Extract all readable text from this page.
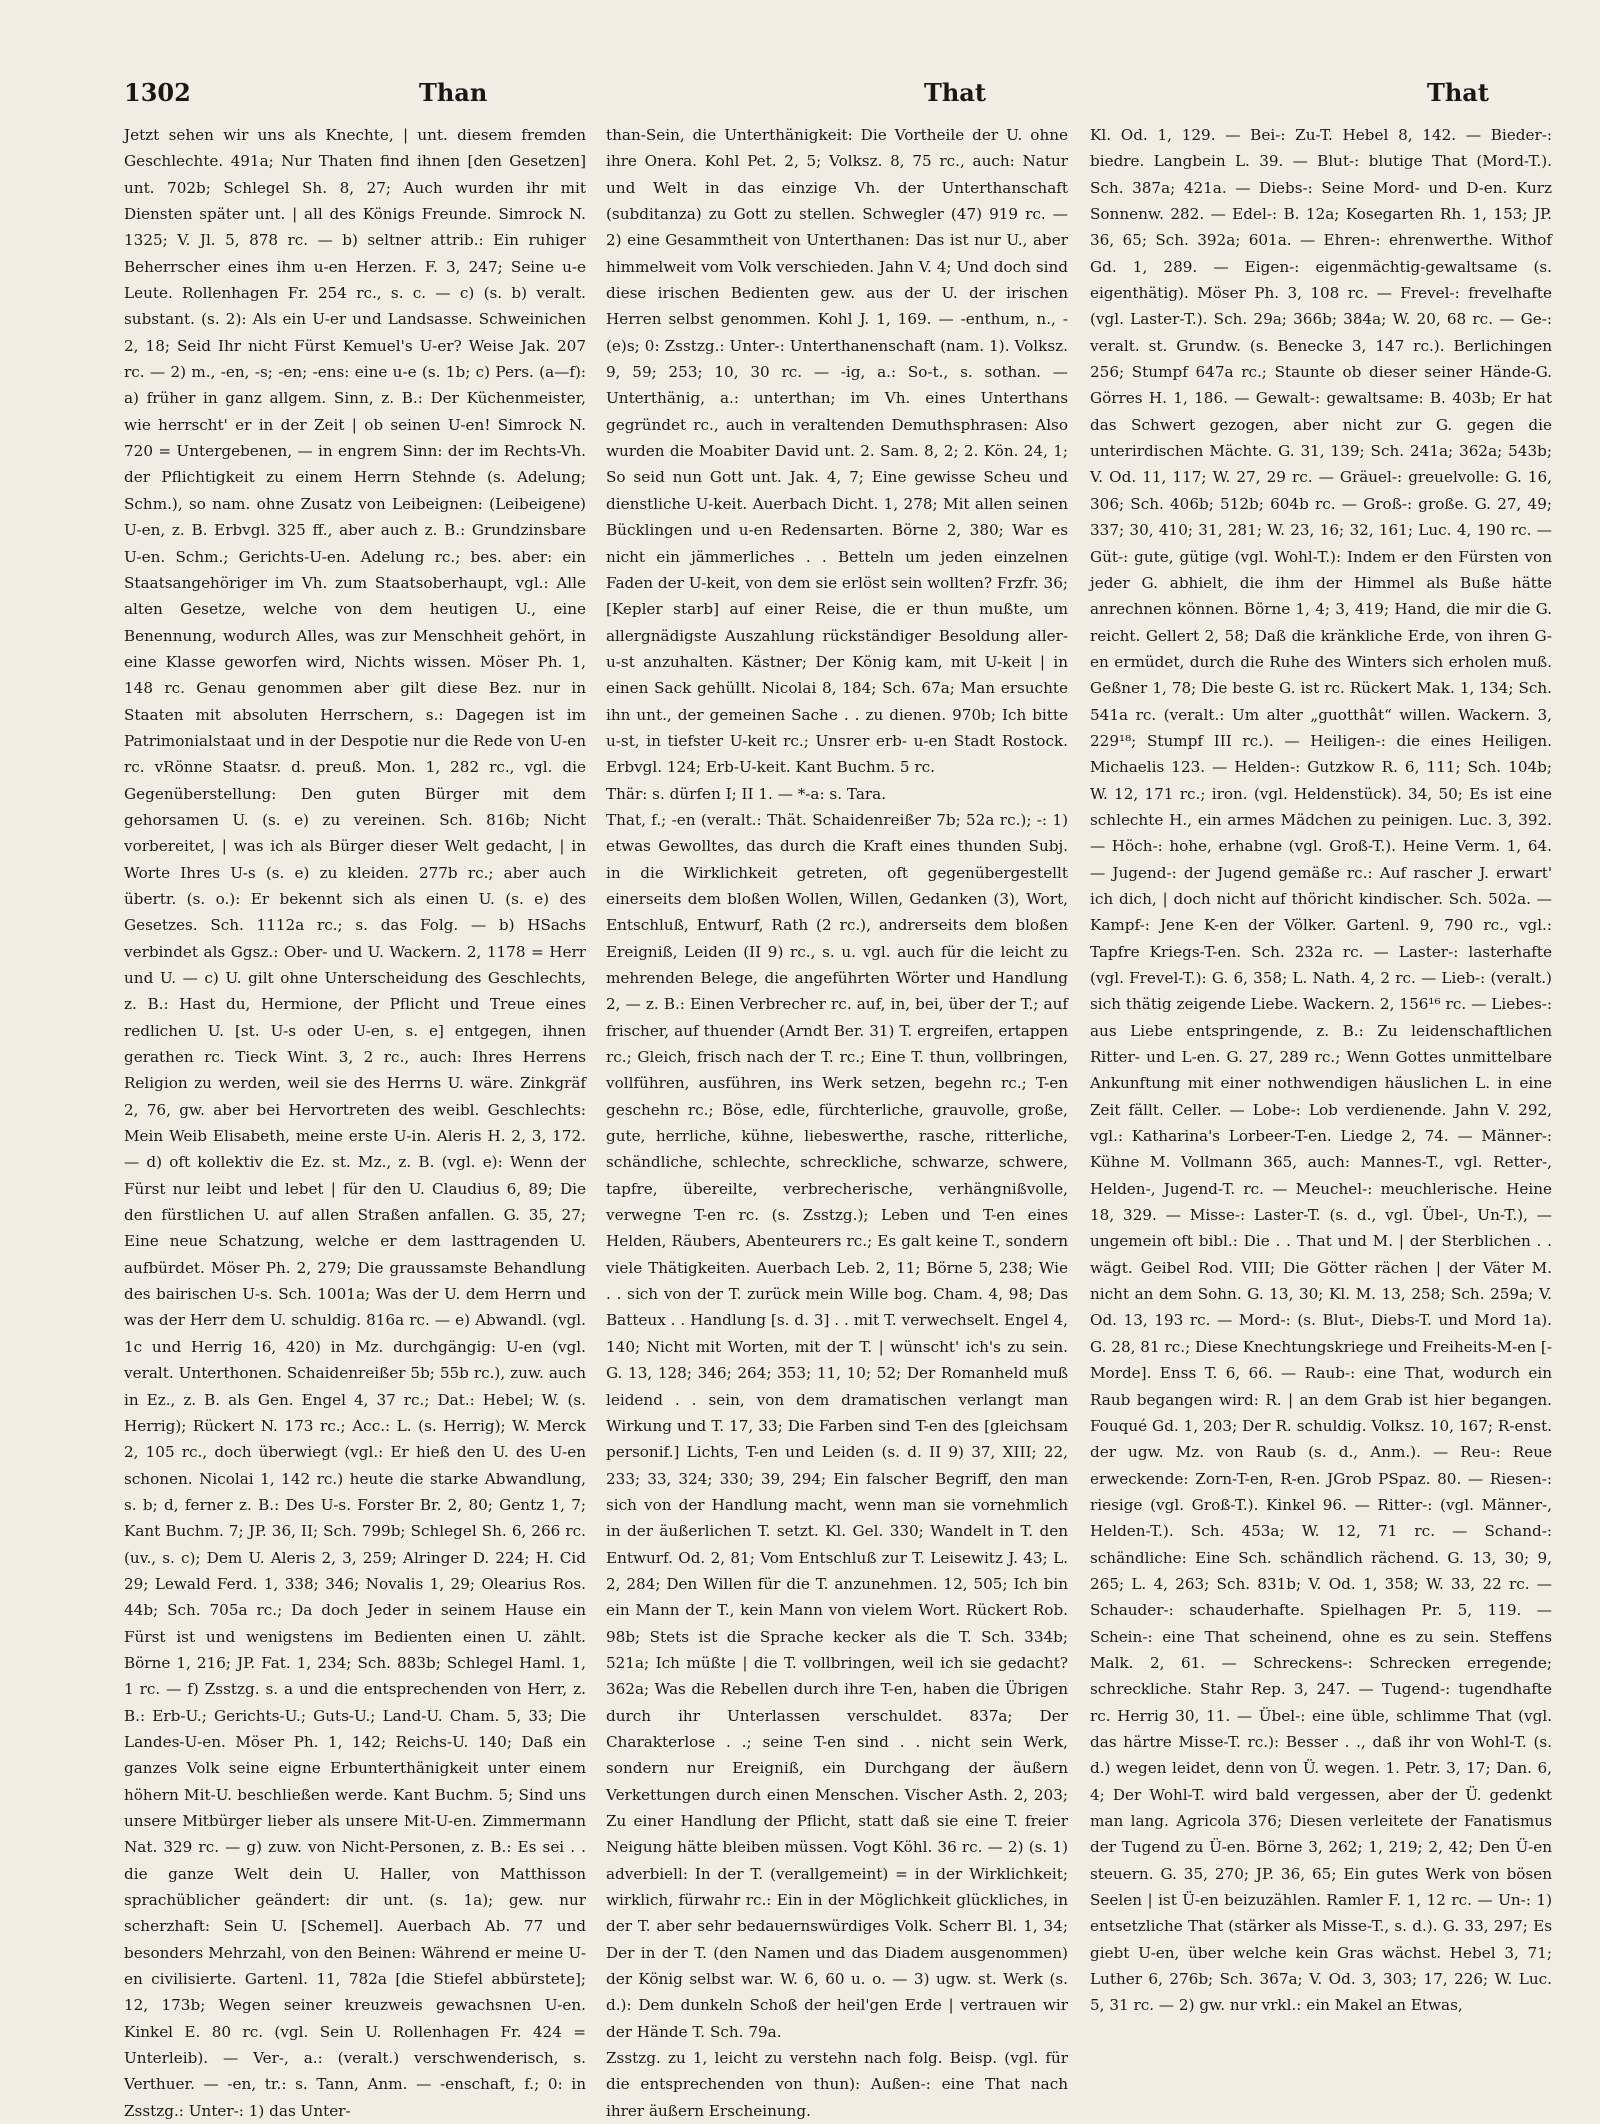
1302	Than	That	That

Jetzt sehen wir uns als Knechte, | unt. diesem fremden Geschlechte. 491a; Nur Thaten find ihnen [den Gesetzen] unt. 702b; Schlegel Sh. 8, 27; Auch wurden ihr mit Diensten später unt. | all des Königs Freunde. Simrock N. 1325; V. Jl. 5, 878 rc. — b) seltner attrib.: Ein ruhiger Beherrscher eines ihm u-en Herzen. F. 3, 247; Seine u-e Leute. Rollenhagen Fr. 254 rc., s. c. — c) (s. b) veralt. substant. (s. 2): Als ein U-er und Landsasse. Schweinichen 2, 18; Seid Ihr nicht Fürst Kemuel's U-er? Weise Jak. 207 rc. — 2) m., -en, -s; -en; -ens: eine u-e (s. 1b; c) Pers. (a—f): a) früher in ganz allgem. Sinn, z. B.: Der Küchenmeister, wie herrscht' er in der Zeit | ob seinen U-en! Simrock N. 720 = Untergebenen, — in engrem Sinn: der im Rechts-Vh. der Pflichtigkeit zu einem Herrn Stehnde (s. Adelung; Schm.), so nam. ohne Zusatz von Leibeignen: (Leibeigene) U-en, z. B. Erbvgl. 325 ff., aber auch z. B.: Grundzinsbare U-en. Schm.; Gerichts-U-en. Adelung rc.; bes. aber: ein Staatsangehöriger im Vh. zum Staatsoberhaupt, vgl.: Alle alten Gesetze, welche von dem heutigen U., eine Benennung, wodurch Alles, was zur Menschheit gehört, in eine Klasse geworfen wird, Nichts wissen. Möser Ph. 1, 148 rc. Genau genommen aber gilt diese Bez. nur in Staaten mit absoluten Herrschern, s.: Dagegen ist im Patrimonialstaat und in der Despotie nur die Rede von U-en rc. vRönne Staatsr. d. preuß. Mon. 1, 282 rc., vgl. die Gegenüberstellung: Den guten Bürger mit dem gehorsamen U. (s. e) zu vereinen. Sch. 816b; Nicht vorbereitet, | was ich als Bürger dieser Welt gedacht, | in Worte Ihres U-s (s. e) zu kleiden. 277b rc.; aber auch übertr. (s. o.): Er bekennt sich als einen U. (s. e) des Gesetzes. Sch. 1112a rc.; s. das Folg. — b) HSachs verbindet als Ggsz.: Ober- und U. Wackern. 2, 1178 = Herr und U. — c) U. gilt ohne Unterscheidung des Geschlechts, z. B.: Hast du, Hermione, der Pflicht und Treue eines redlichen U. [st. U-s oder U-en, s. e] entgegen, ihnen gerathen rc. Tieck Wint. 3, 2 rc., auch: Ihres Herrens Religion zu werden, weil sie des Herrns U. wäre. Zinkgräf 2, 76, gw. aber bei Hervortreten des weibl. Geschlechts: Mein Weib Elisabeth, meine erste U-in. Aleris H. 2, 3, 172. — d) oft kollektiv die Ez. st. Mz., z. B. (vgl. e): Wenn der Fürst nur leibt und lebet | für den U. Claudius 6, 89; Die den fürstlichen U. auf allen Straßen anfallen. G. 35, 27; Eine neue Schatzung, welche er dem lasttragenden U. aufbürdet. Möser Ph. 2, 279; Die graussamste Behandlung des bairischen U-s. Sch. 1001a; Was der U. dem Herrn und was der Herr dem U. schuldig. 816a rc. — e) Abwandl. (vgl. 1c und Herrig 16, 420) in Mz. durchgängig: U-en (vgl. veralt. Unterthonen. Schaidenreißer 5b; 55b rc.), zuw. auch in Ez., z. B. als Gen. Engel 4, 37 rc.; Dat.: Hebel; W. (s. Herrig); Rückert N. 173 rc.; Acc.: L. (s. Herrig); W. Merck 2, 105 rc., doch überwiegt (vgl.: Er hieß den U. des U-en schonen. Nicolai 1, 142 rc.) heute die starke Abwandlung, s. b; d, ferner z. B.: Des U-s. Forster Br. 2, 80; Gentz 1, 7; Kant Buchm. 7; JP. 36, II; Sch. 799b; Schlegel Sh. 6, 266 rc. (uv., s. c); Dem U. Aleris 2, 3, 259; Alringer D. 224; H. Cid 29; Lewald Ferd. 1, 338; 346; Novalis 1, 29; Olearius Ros. 44b; Sch. 705a rc.; Da doch Jeder in seinem Hause ein Fürst ist und wenigstens im Bedienten einen U. zählt. Börne 1, 216; JP. Fat. 1, 234; Sch. 883b; Schlegel Haml. 1, 1 rc. — f) Zsstzg. s. a und die entsprechenden von Herr, z. B.: Erb-U.; Gerichts-U.; Guts-U.; Land-U. Cham. 5, 33; Die Landes-U-en. Möser Ph. 1, 142; Reichs-U. 140; Daß ein ganzes Volk seine eigne Erbunterthänigkeit unter einem höhern Mit-U. beschließen werde. Kant Buchm. 5; Sind uns unsere Mitbürger lieber als unsere Mit-U-en. Zimmermann Nat. 329 rc. — g) zuw. von Nicht-Personen, z. B.: Es sei . . die ganze Welt dein U. Haller, von Matthisson sprachüblicher geändert: dir unt. (s. 1a); gew. nur scherzhaft: Sein U. [Schemel]. Auerbach Ab. 77 und besonders Mehrzahl, von den Beinen: Während er meine U-en civilisierte. Gartenl. 11, 782a [die Stiefel abbürstete]; 12, 173b; Wegen seiner kreuzweis gewachsnen U-en. Kinkel E. 80 rc. (vgl. Sein U. Rollenhagen Fr. 424 = Unterleib). — Ver-, a.: (veralt.) verschwenderisch, s. Verthuer. — -en, tr.: s. Tann, Anm. — -enschaft, f.; 0: in Zsstzg.: Unter-: 1) das Unter-

than-Sein, die Unterthänigkeit: Die Vortheile der U. ohne ihre Onera. Kohl Pet. 2, 5; Volksz. 8, 75 rc., auch: Natur und Welt in das einzige Vh. der Unterthanschaft (subditanza) zu Gott zu stellen. Schwegler (47) 919 rc. — 2) eine Gesammtheit von Unterthanen: Das ist nur U., aber himmelweit vom Volk verschieden. Jahn V. 4; Und doch sind diese irischen Bedienten gew. aus der U. der irischen Herren selbst genommen. Kohl J. 1, 169. — -enthum, n., -(e)s; 0: Zsstzg.: Unter-: Unterthanenschaft (nam. 1). Volksz. 9, 59; 253; 10, 30 rc. — -ig, a.: So-t., s. sothan. — Unterthänig, a.: unterthan; im Vh. eines Unterthans gegründet rc., auch in veraltenden Demuthsphrasen: Also wurden die Moabiter David unt. 2. Sam. 8, 2; 2. Kön. 24, 1; So seid nun Gott unt. Jak. 4, 7; Eine gewisse Scheu und dienstliche U-keit. Auerbach Dicht. 1, 278; Mit allen seinen Bücklingen und u-en Redensarten. Börne 2, 380; War es nicht ein jämmerliches . . Betteln um jeden einzelnen Faden der U-keit, von dem sie erlöst sein wollten? Frzfr. 36; [Kepler starb] auf einer Reise, die er thun mußte, um allergnädigste Auszahlung rückständiger Besoldung aller-u-st anzuhalten. Kästner; Der König kam, mit U-keit | in einen Sack gehüllt. Nicolai 8, 184; Sch. 67a; Man ersuchte ihn unt., der gemeinen Sache . . zu dienen. 970b; Ich bitte u-st, in tiefster U-keit rc.; Unsrer erb- u-en Stadt Rostock. Erbvgl. 124; Erb-U-keit. Kant Buchm. 5 rc.

Thär: s. dürfen I; II 1. — *-a: s. Tara.

That, f.; -en (veralt.: Thät. Schaidenreißer 7b; 52a rc.); -: 1) etwas Gewolltes, das durch die Kraft eines thunden Subj. in die Wirklichkeit getreten, oft gegenübergestellt einerseits dem bloßen Wollen, Willen, Gedanken (3), Wort, Entschluß, Entwurf, Rath (2 rc.), andrerseits dem bloßen Ereigniß, Leiden (II 9) rc., s. u. vgl. auch für die leicht zu mehrenden Belege, die angeführten Wörter und Handlung 2, — z. B.: Einen Verbrecher rc. auf, in, bei, über der T.; auf frischer, auf thuender (Arndt Ber. 31) T. ergreifen, ertappen rc.; Gleich, frisch nach der T. rc.; Eine T. thun, vollbringen, vollführen, ausführen, ins Werk setzen, begehn rc.; T-en geschehn rc.; Böse, edle, fürchterliche, grauvolle, große, gute, herrliche, kühne, liebeswerthe, rasche, ritterliche, schändliche, schlechte, schreckliche, schwarze, schwere, tapfre, übereilte, verbrecherische, verhängnißvolle, verwegne T-en rc. (s. Zsstzg.); Leben und T-en eines Helden, Räubers, Abenteurers rc.; Es galt keine T., sondern viele Thätigkeiten. Auerbach Leb. 2, 11; Börne 5, 238; Wie . . sich von der T. zurück mein Wille bog. Cham. 4, 98; Das Batteux . . Handlung [s. d. 3] . . mit T. verwechselt. Engel 4, 140; Nicht mit Worten, mit der T. | wünscht' ich's zu sein. G. 13, 128; 346; 264; 353; 11, 10; 52; Der Romanheld muß leidend . . sein, von dem dramatischen verlangt man Wirkung und T. 17, 33; Die Farben sind T-en des [gleichsam personif.] Lichts, T-en und Leiden (s. d. II 9) 37, XIII; 22, 233; 33, 324; 330; 39, 294; Ein falscher Begriff, den man sich von der Handlung macht, wenn man sie vornehmlich in der äußerlichen T. setzt. Kl. Gel. 330; Wandelt in T. den Entwurf. Od. 2, 81; Vom Entschluß zur T. Leisewitz J. 43; L. 2, 284; Den Willen für die T. anzunehmen. 12, 505; Ich bin ein Mann der T., kein Mann von vielem Wort. Rückert Rob. 98b; Stets ist die Sprache kecker als die T. Sch. 334b; 521a; Ich müßte | die T. vollbringen, weil ich sie gedacht? 362a; Was die Rebellen durch ihre T-en, haben die Übrigen durch ihr Unterlassen verschuldet. 837a; Der Charakterlose . .; seine T-en sind . . nicht sein Werk, sondern nur Ereigniß, ein Durchgang der äußern Verkettungen durch einen Menschen. Vischer Asth. 2, 203; Zu einer Handlung der Pflicht, statt daß sie eine T. freier Neigung hätte bleiben müssen. Vogt Köhl. 36 rc. — 2) (s. 1) adverbiell: In der T. (verallgemeint) = in der Wirklichkeit; wirklich, fürwahr rc.: Ein in der Möglichkeit glückliches, in der T. aber sehr bedauernswürdiges Volk. Scherr Bl. 1, 34; Der in der T. (den Namen und das Diadem ausgenommen) der König selbst war. W. 6, 60 u. o. — 3) ugw. st. Werk (s. d.): Dem dunkeln Schoß der heil'gen Erde | vertrauen wir der Hände T. Sch. 79a.

Zsstzg. zu 1, leicht zu verstehn nach folg. Beisp. (vgl. für die entsprechenden von thun): Außen-: eine That nach ihrer äußern Erscheinung.

Kl. Od. 1, 129. — Bei-: Zu-T. Hebel 8, 142. — Bieder-: biedre. Langbein L. 39. — Blut-: blutige That (Mord-T.). Sch. 387a; 421a. — Diebs-: Seine Mord- und D-en. Kurz Sonnenw. 282. — Edel-: B. 12a; Kosegarten Rh. 1, 153; JP. 36, 65; Sch. 392a; 601a. — Ehren-: ehrenwerthe. Withof Gd. 1, 289. — Eigen-: eigenmächtig-gewaltsame (s. eigenthätig). Möser Ph. 3, 108 rc. — Frevel-: frevelhafte (vgl. Laster-T.). Sch. 29a; 366b; 384a; W. 20, 68 rc. — Ge-: veralt. st. Grundw. (s. Benecke 3, 147 rc.). Berlichingen 256; Stumpf 647a rc.; Staunte ob dieser seiner Hände-G. Görres H. 1, 186. — Gewalt-: gewaltsame: B. 403b; Er hat das Schwert gezogen, aber nicht zur G. gegen die unterirdischen Mächte. G. 31, 139; Sch. 241a; 362a; 543b; V. Od. 11, 117; W. 27, 29 rc. — Gräuel-: greuelvolle: G. 16, 306; Sch. 406b; 512b; 604b rc. — Groß-: große. G. 27, 49; 337; 30, 410; 31, 281; W. 23, 16; 32, 161; Luc. 4, 190 rc. — Güt-: gute, gütige (vgl. Wohl-T.): Indem er den Fürsten von jeder G. abhielt, die ihm der Himmel als Buße hätte anrechnen können. Börne 1, 4; 3, 419; Hand, die mir die G. reicht. Gellert 2, 58; Daß die kränkliche Erde, von ihren G-en ermüdet, durch die Ruhe des Winters sich erholen muß. Geßner 1, 78; Die beste G. ist rc. Rückert Mak. 1, 134; Sch. 541a rc. (veralt.: Um alter „guotthât“ willen. Wackern. 3, 229¹⁸; Stumpf III rc.). — Heiligen-: die eines Heiligen. Michaelis 123. — Helden-: Gutzkow R. 6, 111; Sch. 104b; W. 12, 171 rc.; iron. (vgl. Heldenstück). 34, 50; Es ist eine schlechte H., ein armes Mädchen zu peinigen. Luc. 3, 392. — Höch-: hohe, erhabne (vgl. Groß-T.). Heine Verm. 1, 64. — Jugend-: der Jugend gemäße rc.: Auf rascher J. erwart' ich dich, | doch nicht auf thöricht kindischer. Sch. 502a. — Kampf-: Jene K-en der Völker. Gartenl. 9, 790 rc., vgl.: Tapfre Kriegs-T-en. Sch. 232a rc. — Laster-: lasterhafte (vgl. Frevel-T.): G. 6, 358; L. Nath. 4, 2 rc. — Lieb-: (veralt.) sich thätig zeigende Liebe. Wackern. 2, 156¹⁶ rc. — Liebes-: aus Liebe entspringende, z. B.: Zu leidenschaftlichen Ritter- und L-en. G. 27, 289 rc.; Wenn Gottes unmittelbare Ankunftung mit einer nothwendigen häuslichen L. in eine Zeit fällt. Celler. — Lobe-: Lob verdienende. Jahn V. 292, vgl.: Katharina's Lorbeer-T-en. Liedge 2, 74. — Männer-: Kühne M. Vollmann 365, auch: Mannes-T., vgl. Retter-, Helden-, Jugend-T. rc. — Meuchel-: meuchlerische. Heine 18, 329. — Misse-: Laster-T. (s. d., vgl. Übel-, Un-T.), — ungemein oft bibl.: Die . . That und M. | der Sterblichen . . wägt. Geibel Rod. VIII; Die Götter rächen | der Väter M. nicht an dem Sohn. G. 13, 30; Kl. M. 13, 258; Sch. 259a; V. Od. 13, 193 rc. — Mord-: (s. Blut-, Diebs-T. und Mord 1a). G. 28, 81 rc.; Diese Knechtungskriege und Freiheits-M-en [-Morde]. Enss T. 6, 66. — Raub-: eine That, wodurch ein Raub begangen wird: R. | an dem Grab ist hier begangen. Fouqué Gd. 1, 203; Der R. schuldig. Volksz. 10, 167; R-enst. der ugw. Mz. von Raub (s. d., Anm.). — Reu-: Reue erweckende: Zorn-T-en, R-en. JGrob PSpaz. 80. — Riesen-: riesige (vgl. Groß-T.). Kinkel 96. — Ritter-: (vgl. Männer-, Helden-T.). Sch. 453a; W. 12, 71 rc. — Schand-: schändliche: Eine Sch. schändlich rächend. G. 13, 30; 9, 265; L. 4, 263; Sch. 831b; V. Od. 1, 358; W. 33, 22 rc. — Schauder-: schauderhafte. Spielhagen Pr. 5, 119. — Schein-: eine That scheinend, ohne es zu sein. Steffens Malk. 2, 61. — Schreckens-: Schrecken erregende; schreckliche. Stahr Rep. 3, 247. — Tugend-: tugendhafte rc. Herrig 30, 11. — Übel-: eine üble, schlimme That (vgl. das härtre Misse-T. rc.): Besser . ., daß ihr von Wohl-T. (s. d.) wegen leidet, denn von Ü. wegen. 1. Petr. 3, 17; Dan. 6, 4; Der Wohl-T. wird bald vergessen, aber der Ü. gedenkt man lang. Agricola 376; Diesen verleitete der Fanatismus der Tugend zu Ü-en. Börne 3, 262; 1, 219; 2, 42; Den Ü-en steuern. G. 35, 270; JP. 36, 65; Ein gutes Werk von bösen Seelen | ist Ü-en beizuzählen. Ramler F. 1, 12 rc. — Un-: 1) entsetzliche That (stärker als Misse-T., s. d.). G. 33, 297; Es giebt U-en, über welche kein Gras wächst. Hebel 3, 71; Luther 6, 276b; Sch. 367a; V. Od. 3, 303; 17, 226; W. Luc. 5, 31 rc. — 2) gw. nur vrkl.: ein Makel an Etwas,
